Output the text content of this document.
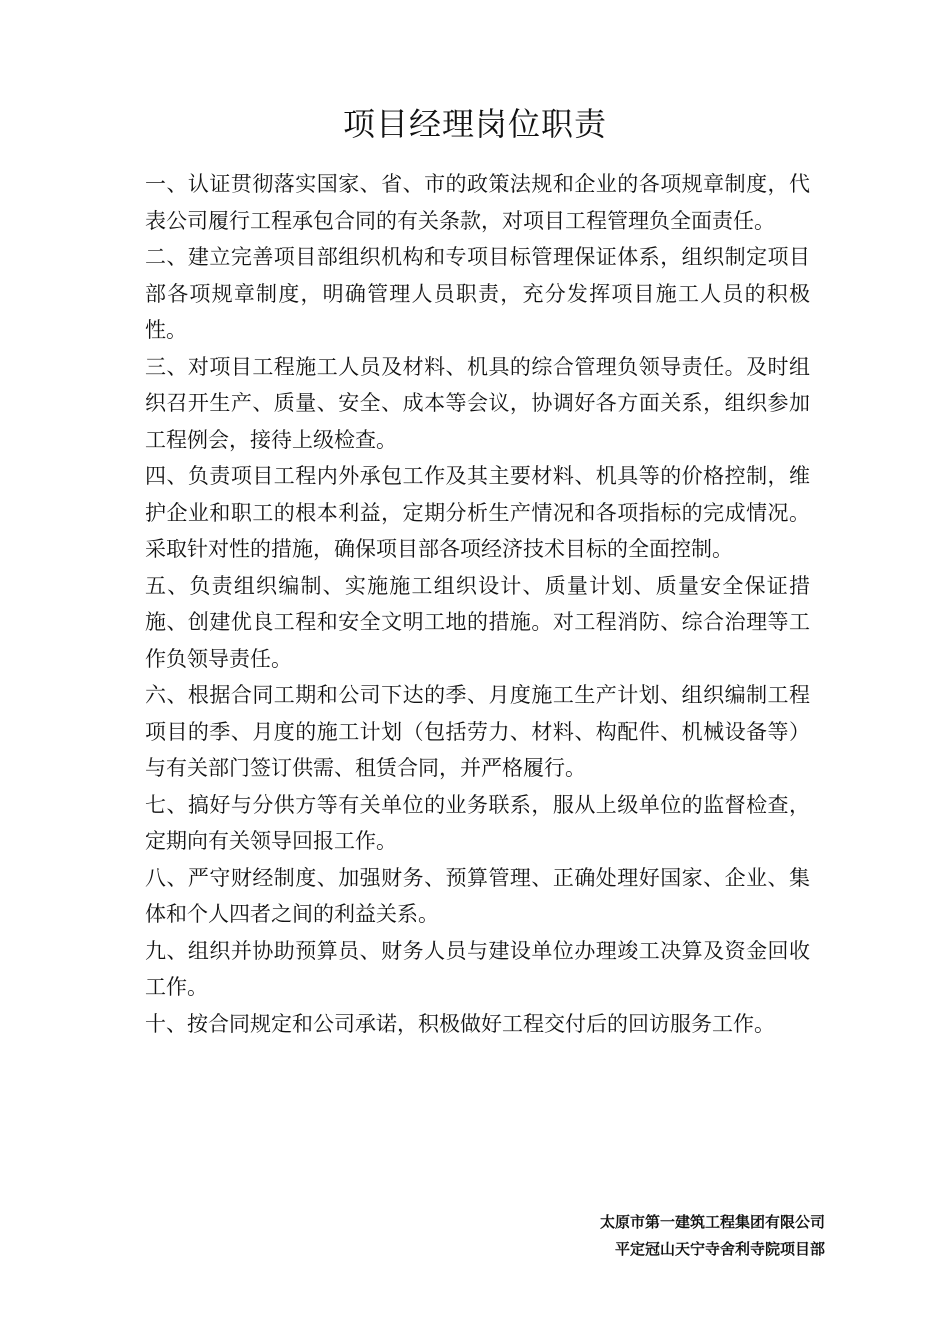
项目经理岗位职责

一、认证贯彻落实国家、省、市的政策法规和企业的各项规章制度，代表公司履行工程承包合同的有关条款，对项目工程管理负全面责任。

二、建立完善项目部组织机构和专项目标管理保证体系，组织制定项目部各项规章制度，明确管理人员职责，充分发挥项目施工人员的积极性。

三、对项目工程施工人员及材料、机具的综合管理负领导责任。及时组织召开生产、质量、安全、成本等会议，协调好各方面关系，组织参加工程例会，接待上级检查。

四、负责项目工程内外承包工作及其主要材料、机具等的价格控制，维护企业和职工的根本利益，定期分析生产情况和各项指标的完成情况。采取针对性的措施，确保项目部各项经济技术目标的全面控制。

五、负责组织编制、实施施工组织设计、质量计划、质量安全保证措施、创建优良工程和安全文明工地的措施。对工程消防、综合治理等工作负领导责任。

六、根据合同工期和公司下达的季、月度施工生产计划、组织编制工程项目的季、月度的施工计划（包括劳力、材料、构配件、机械设备等）与有关部门签订供需、租赁合同，并严格履行。

七、搞好与分供方等有关单位的业务联系，服从上级单位的监督检查，定期向有关领导回报工作。

八、严守财经制度、加强财务、预算管理、正确处理好国家、企业、集体和个人四者之间的利益关系。

九、组织并协助预算员、财务人员与建设单位办理竣工决算及资金回收工作。

十、按合同规定和公司承诺，积极做好工程交付后的回访服务工作。

太原市第一建筑工程集团有限公司
平定冠山天宁寺舍利寺院项目部
